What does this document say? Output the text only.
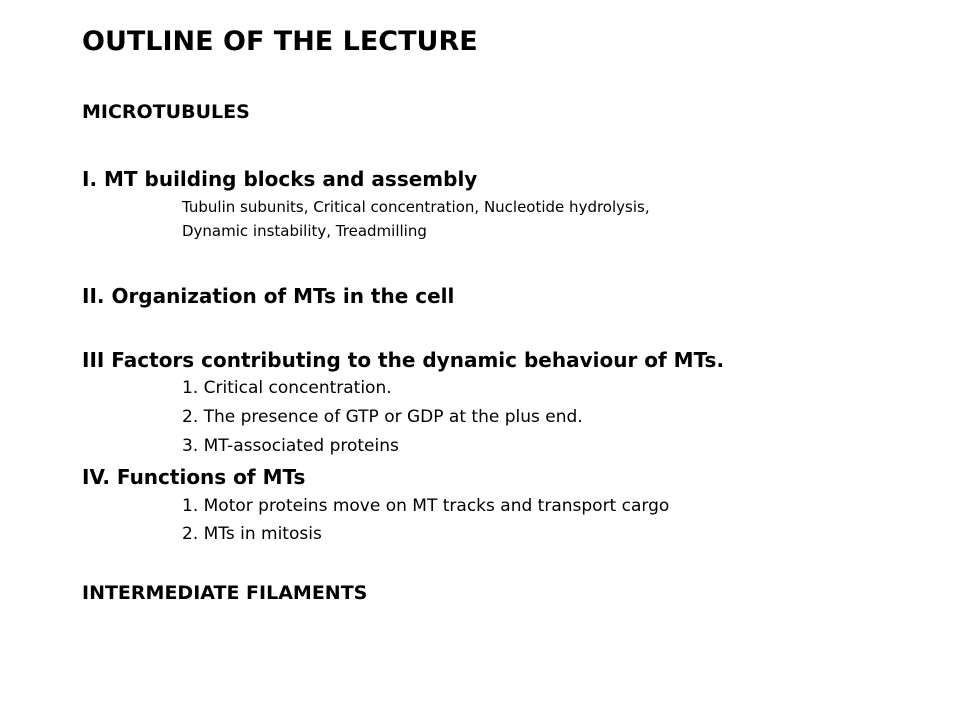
OUTLINE OF THE LECTURE
MICROTUBULES
I. MT building blocks and assembly
Tubulin subunits, Critical concentration, Nucleotide hydrolysis,
Dynamic instability, Treadmilling
II. Organization of MTs in the cell
III Factors contributing to the dynamic behaviour of MTs.
1. Critical concentration.
2. The presence of GTP or GDP at the plus end.
3. MT-associated proteins
IV. Functions of MTs
1. Motor proteins move on MT tracks and transport cargo
2. MTs in mitosis
INTERMEDIATE FILAMENTS
